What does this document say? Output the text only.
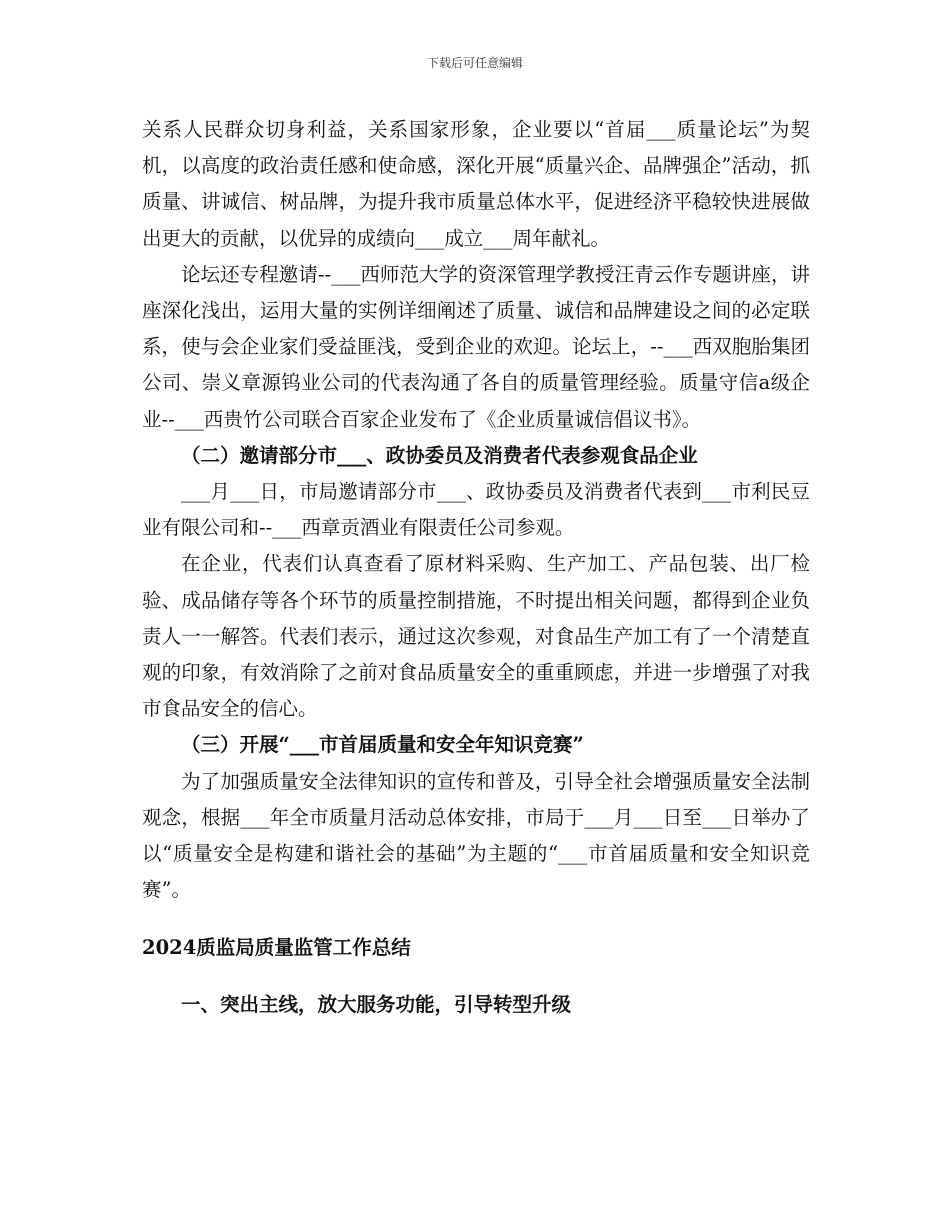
下载后可任意编辑

关系人民群众切身利益，关系国家形象，企业要以“首届___质量论坛”为契机，以高度的政治责任感和使命感，深化开展“质量兴企、品牌强企”活动，抓质量、讲诚信、树品牌，为提升我市质量总体水平，促进经济平稳较快进展做出更大的贡献，以优异的成绩向___成立___周年献礼。

论坛还专程邀请--___西师范大学的资深管理学教授汪青云作专题讲座，讲座深化浅出，运用大量的实例详细阐述了质量、诚信和品牌建设之间的必定联系，使与会企业家们受益匪浅，受到企业的欢迎。论坛上，--___西双胞胎集团公司、崇义章源钨业公司的代表沟通了各自的质量管理经验。质量守信a级企业--___西贵竹公司联合百家企业发布了《企业质量诚信倡议书》。

（二）邀请部分市___、政协委员及消费者代表参观食品企业

___月___日，市局邀请部分市___、政协委员及消费者代表到___市利民豆业有限公司和--___西章贡酒业有限责任公司参观。

在企业，代表们认真查看了原材料采购、生产加工、产品包装、出厂检验、成品储存等各个环节的质量控制措施，不时提出相关问题，都得到企业负责人一一解答。代表们表示，通过这次参观，对食品生产加工有了一个清楚直观的印象，有效消除了之前对食品质量安全的重重顾虑，并进一步增强了对我市食品安全的信心。

（三）开展“___市首届质量和安全年知识竞赛”

为了加强质量安全法律知识的宣传和普及，引导全社会增强质量安全法制观念，根据___年全市质量月活动总体安排，市局于___月___日至___日举办了以“质量安全是构建和谐社会的基础”为主题的“___市首届质量和安全知识竞赛”。

2024质监局质量监管工作总结

一、突出主线，放大服务功能，引导转型升级
